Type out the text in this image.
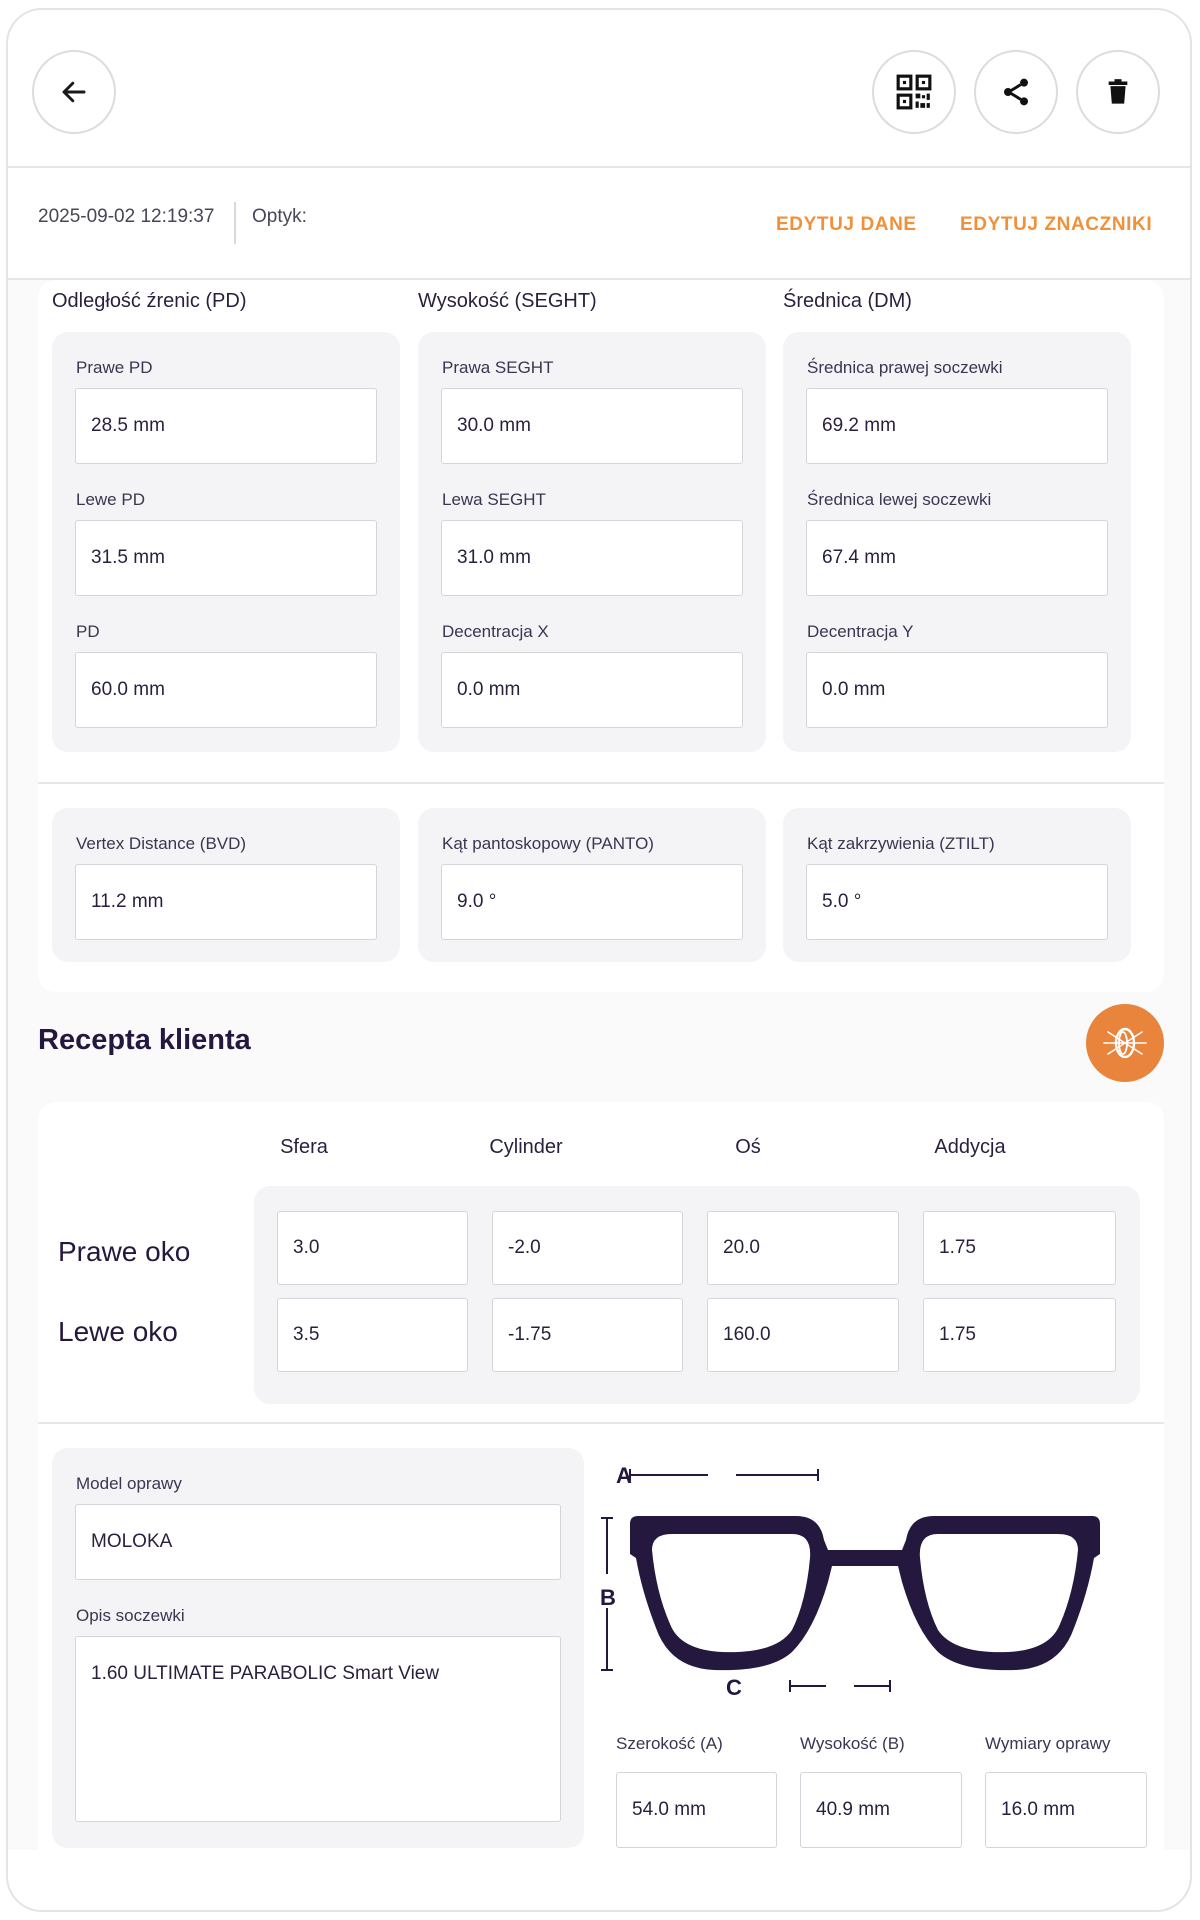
2025-09-02 12:19:37 Optyk:	EDYTUJ DANE EDYTUJ ZNACZNIKI
Odległość źrenic (PD)	Wysokość (SEGHT)	Średnica (DM)
Prawe PD
28.5 mm
Lewe PD
31.5 mm
PD
60.0 mm
Prawa SEGHT
30.0 mm
Lewa SEGHT
31.0 mm
Decentracja X
0.0 mm
Średnica prawej soczewki
69.2 mm
Średnica lewej soczewki
67.4 mm
Decentracja Y
0.0 mm
Vertex Distance (BVD)
11.2 mm
Kąt pantoskopowy (PANTO)
9.0 °
Kąt zakrzywienia (ZTILT)
5.0 °
Recepta klienta
Sfera	Cylinder	Oś	Addycja
Prawe oko
Lewe oko
3.0	-2.0	20.0	1.75
3.5	-1.75	160.0	1.75
Model oprawy
MOLOKA
Opis soczewki
1.60 ULTIMATE PARABOLIC Smart View
A
B
C
Szerokość (A)
54.0 mm
Wysokość (B)
40.9 mm
Wymiary oprawy
16.0 mm
